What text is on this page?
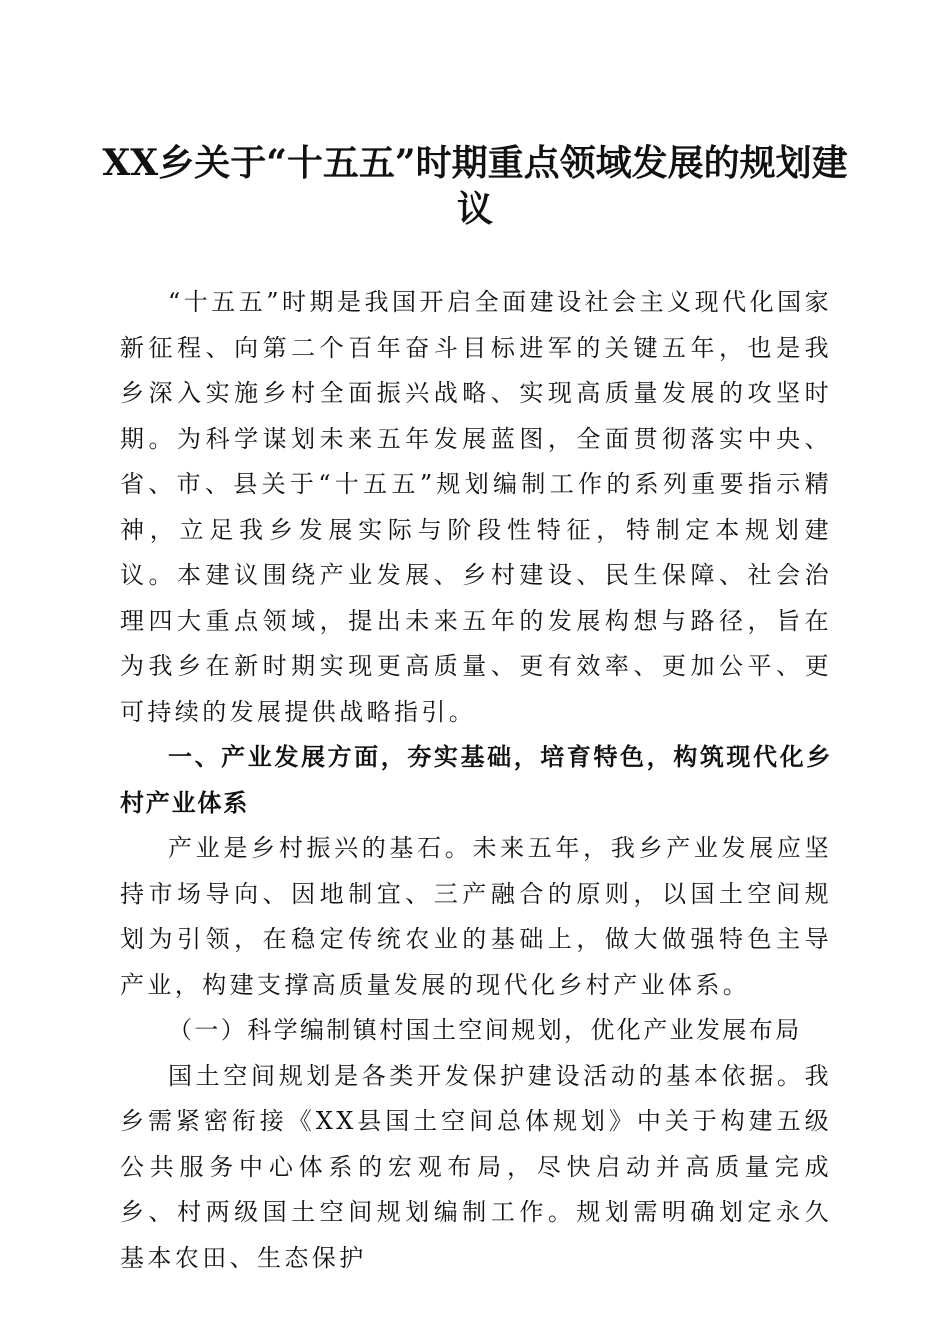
XX乡关于“十五五”时期重点领域发展的规划建议

“十五五”时期是我国开启全面建设社会主义现代化国家新征程、向第二个百年奋斗目标进军的关键五年，也是我乡深入实施乡村全面振兴战略、实现高质量发展的攻坚时期。为科学谋划未来五年发展蓝图，全面贯彻落实中央、省、市、县关于“十五五”规划编制工作的系列重要指示精神，立足我乡发展实际与阶段性特征，特制定本规划建议。本建议围绕产业发展、乡村建设、民生保障、社会治理四大重点领域，提出未来五年的发展构想与路径，旨在为我乡在新时期实现更高质量、更有效率、更加公平、更可持续的发展提供战略指引。

一、产业发展方面，夯实基础，培育特色，构筑现代化乡村产业体系

产业是乡村振兴的基石。未来五年，我乡产业发展应坚持市场导向、因地制宜、三产融合的原则，以国土空间规划为引领，在稳定传统农业的基础上，做大做强特色主导产业，构建支撑高质量发展的现代化乡村产业体系。

（一）科学编制镇村国土空间规划，优化产业发展布局

国土空间规划是各类开发保护建设活动的基本依据。我乡需紧密衔接《XX县国土空间总体规划》中关于构建五级公共服务中心体系的宏观布局，尽快启动并高质量完成乡、村两级国土空间规划编制工作。规划需明确划定永久基本农田、生态保护
